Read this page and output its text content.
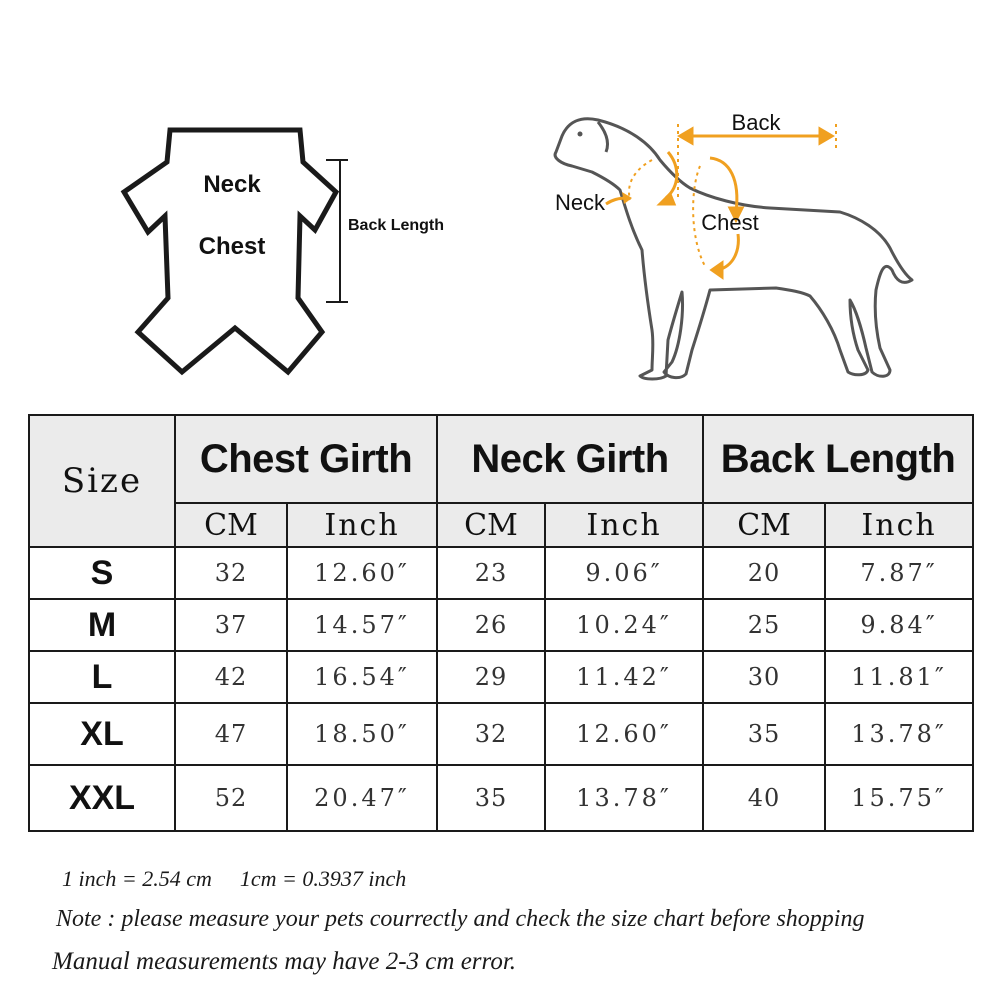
Neck
Chest
Back Length
Back
Neck
Chest
Size	Chest Girth		Neck Girth		Back Length	
	CM	Inch	CM	Inch	CM	Inch
S	32	12.60″	23	9.06″	20	7.87″
M	37	14.57″	26	10.24″	25	9.84″
L	42	16.54″	29	11.42″	30	11.81″
XL	47	18.50″	32	12.60″	35	13.78″
XXL	52	20.47″	35	13.78″	40	15.75″
1 inch = 2.54 cm 1cm = 0.3937 inch
Note : please measure your pets courrectly and check the size chart before shopping
Manual measurements may have 2-3 cm error.
